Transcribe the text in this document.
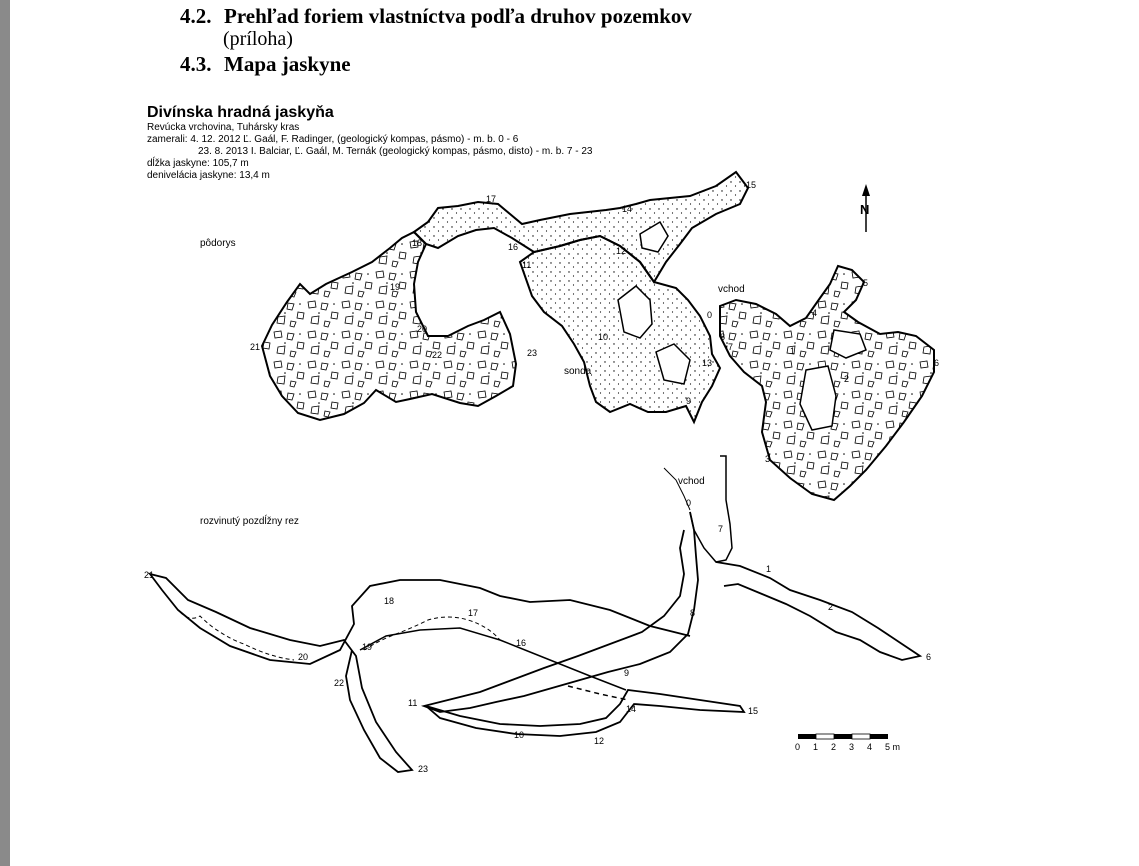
4.2. Prehľad foriem vlastníctva podľa druhov pozemkov
(príloha)
4.3. Mapa jaskyne
Divínska hradná jaskyňa
Revúcka vrchovina, Tuhársky kras
zamerali: 4. 12. 2012 Ľ. Gaál, F. Radinger, (geologický kompas, pásmo) - m. b. 0 - 6
23. 8. 2013 I. Balciar, Ľ. Gaál, M. Ternák (geologický kompas, pásmo, disto) - m. b. 7 - 23
dĺžka jaskyne: 105,7 m
denivelácia jaskyne: 13,4 m
N
0 1 2 3 4 5 m
pôdorys
rozvinutý pozdĺžny rez
vchod
vchod
sonda
0
1
2
3
4
5
6
7
8
9
10
11
12
13
14
15
16
17
18
19
20
21
22	23
0
1
2
6
7
8
9
10
11
12
14	15
16
17
18
19
20
21
22
23
